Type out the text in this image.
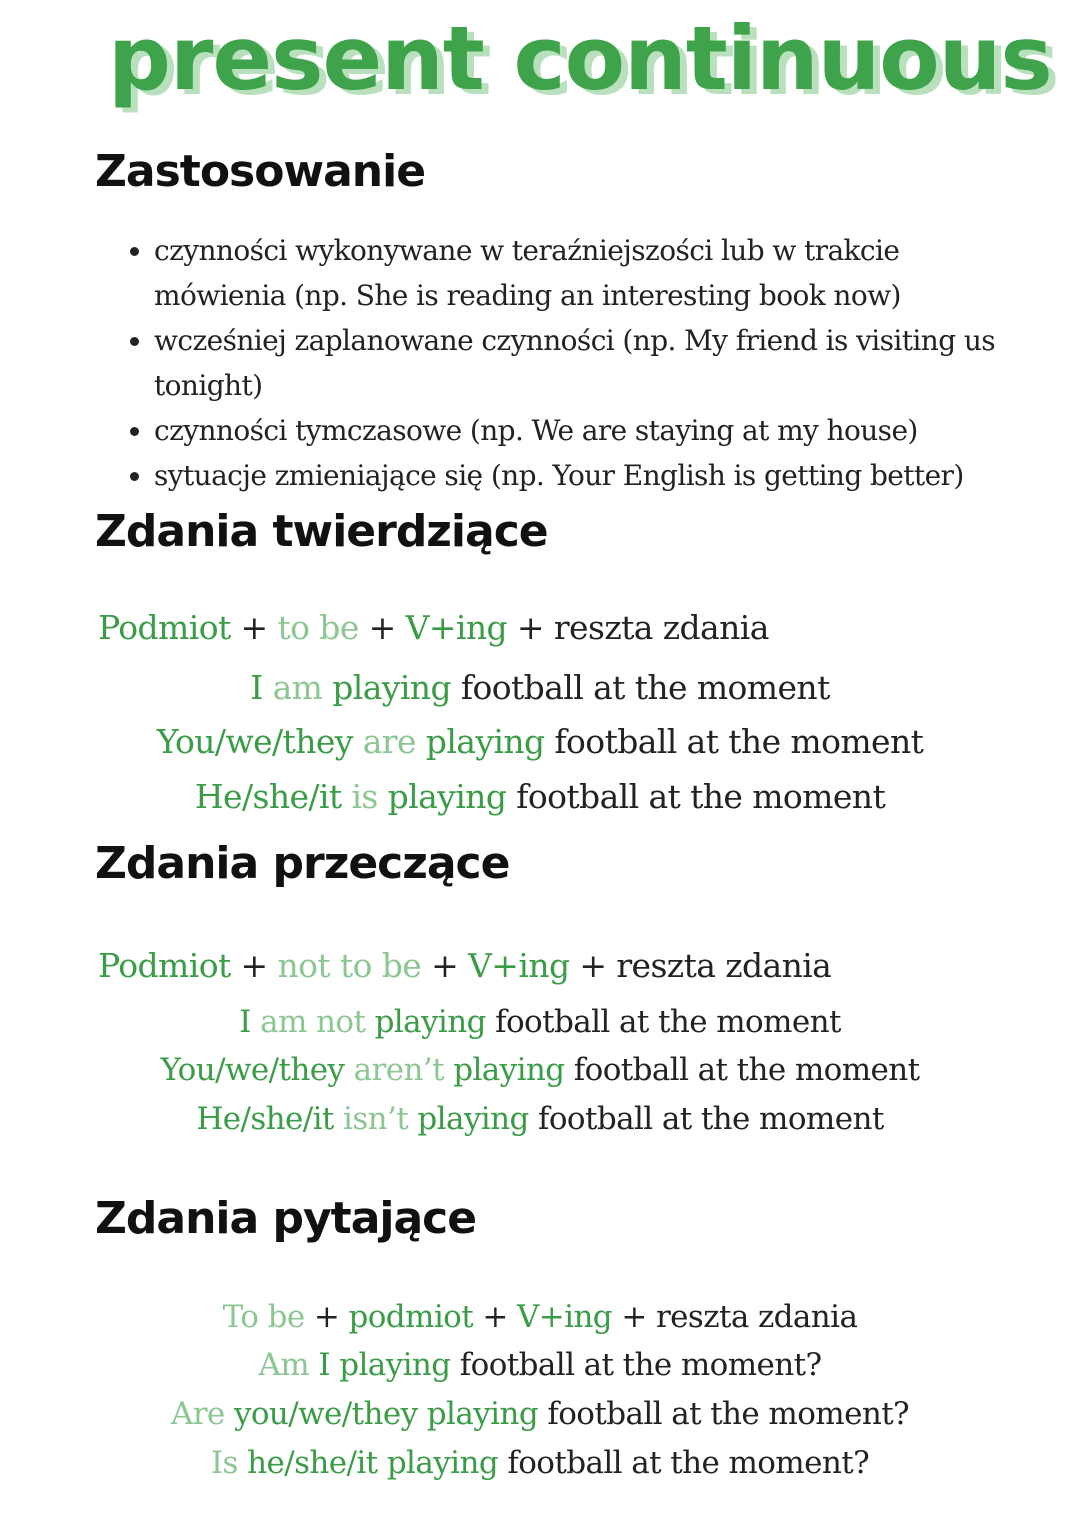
present continuous
Zastosowanie
• czynności wykonywane w teraźniejszości lub w trakcie mówienia (np. She is reading an interesting book now)
• wcześniej zaplanowane czynności (np. My friend is visiting us tonight)
• czynności tymczasowe (np. We are staying at my house)
• sytuacje zmieniające się (np. Your English is getting better)
Zdania twierdziące

Podmiot + to be + V+ing + reszta zdania

I am playing football at the moment

You/we/they are playing football at the moment

He/she/it is playing football at the moment

Zdania przeczące

Podmiot + not to be + V+ing + reszta zdania

I am not playing football at the moment

You/we/they aren’t playing football at the moment

He/she/it isn’t playing football at the moment

Zdania pytające

To be + podmiot + V+ing + reszta zdania

Am I playing football at the moment?

Are you/we/they playing football at the moment?

Is he/she/it playing football at the moment?
